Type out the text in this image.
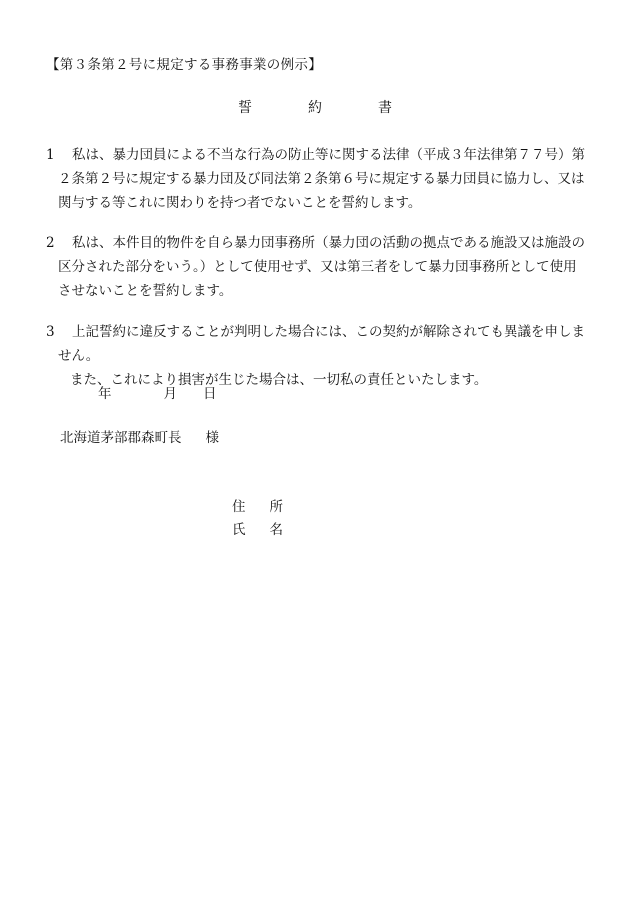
【第３条第２号に規定する事務事業の例示】
誓 約 書
1 私は、暴力団員による不当な行為の防止等に関する法律（平成３年法律第７７号）第
２条第２号に規定する暴力団及び同法第２条第６号に規定する暴力団員に協力し、又は
関与する等これに関わりを持つ者でないことを誓約します。
2 私は、本件目的物件を自ら暴力団事務所（暴力団の活動の拠点である施設又は施設の
区分された部分をいう。）として使用せず、又は第三者をして暴力団事務所として使用
させないことを誓約します。
3 上記誓約に違反することが判明した場合には、この契約が解除されても異議を申しま
せん。
また、これにより損害が生じた場合は、一切私の責任といたします。
年	月 日
北海道茅部郡森町長 様
住 所
氏 名
